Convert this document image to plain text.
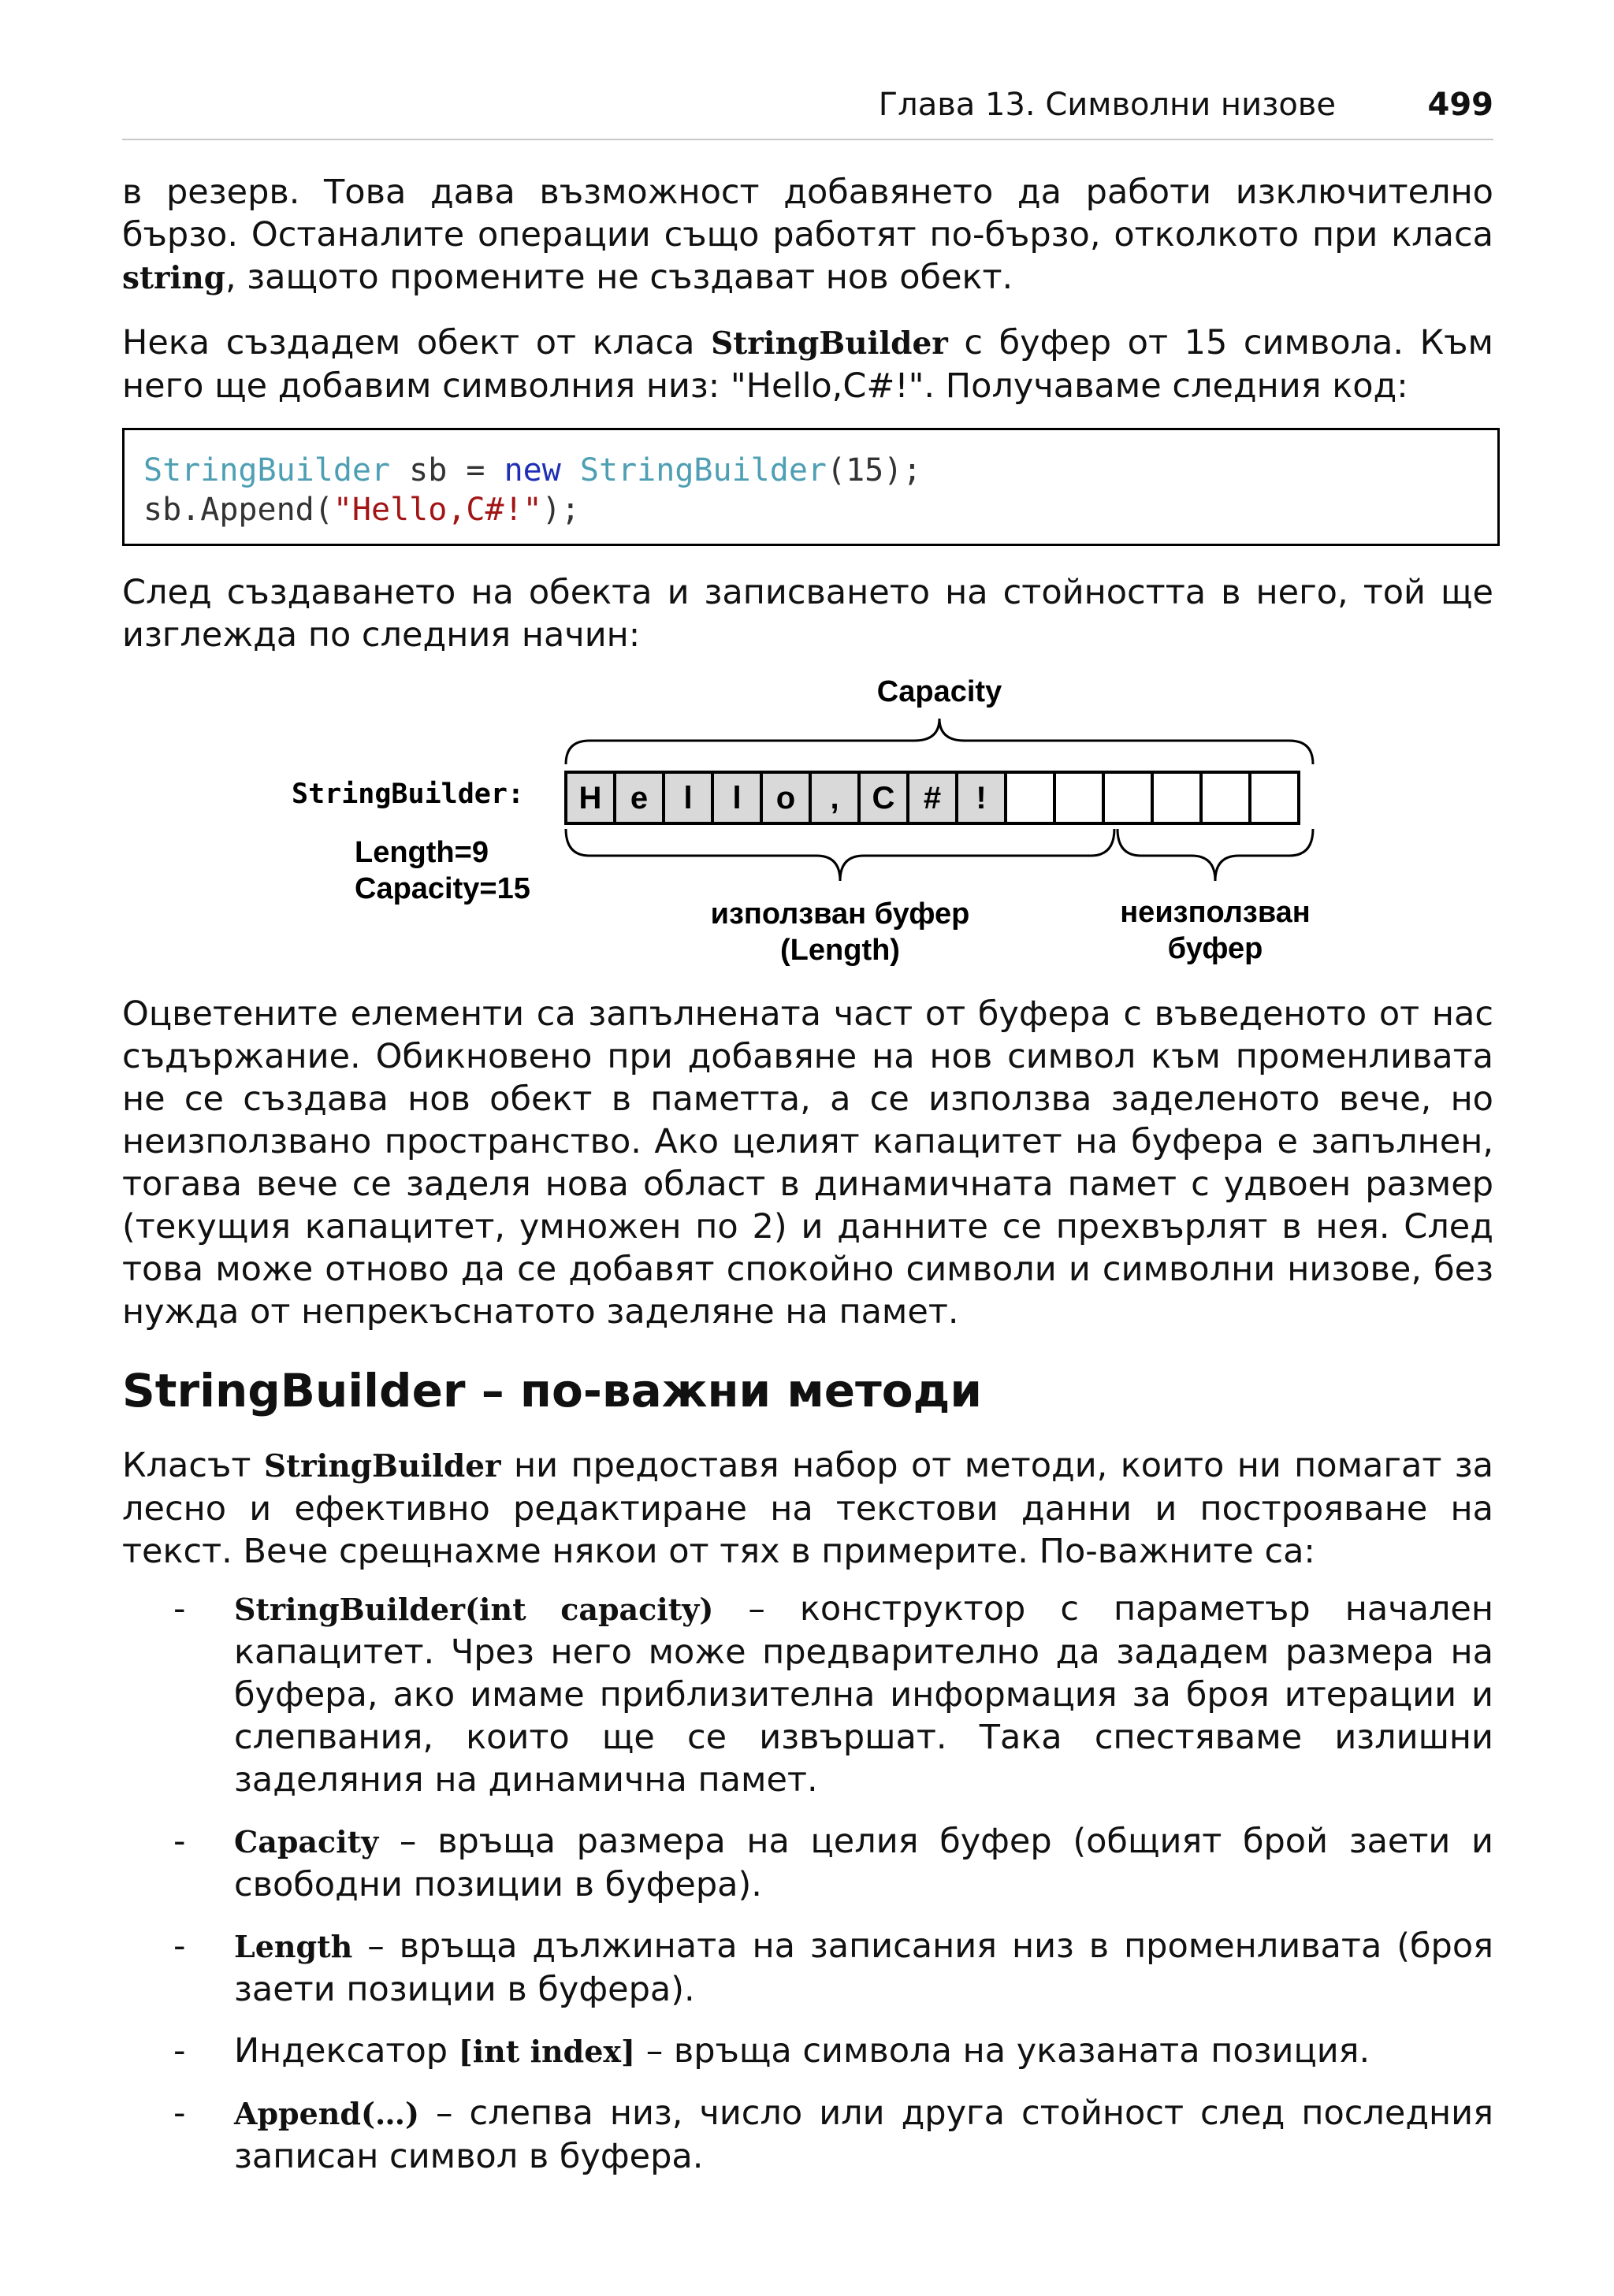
Глава 13. Символни низове	499

в резерв. Това дава възможност добавянето да работи изключително бързо. Останалите операции също работят по-бързо, отколкото при класа string, защото промените не създават нов обект.

Нека създадем обект от класа StringBuilder с буфер от 15 символа. Към него ще добавим символния низ: "Hello,C#!". Получаваме следния код:

StringBuilder sb = new StringBuilder(15);
sb.Append("Hello,C#!");

След създаването на обекта и записването на стойността в него, той ще изглежда по следния начин:

Capacity
StringBuilder: H e l l o , C # !
Length=9
Capacity=15
използван буфер
(Length)
неизползван
буфер

Оцветените елементи са запълнената част от буфера с въведеното от нас съдържание. Обикновено при добавяне на нов символ към променливата не се създава нов обект в паметта, а се използва заделеното вече, но неизползвано пространство. Ако целият капацитет на буфера е запълнен, тогава вече се заделя нова област в динамичната памет с удвоен размер (текущия капацитет, умножен по 2) и данните се прехвърлят в нея. След това може отново да се добавят спокойно символи и символни низове, без нужда от непрекъснатото заделяне на памет.

StringBuilder – по-важни методи

Класът StringBuilder ни предоставя набор от методи, които ни помагат за лесно и ефективно редактиране на текстови данни и построяване на текст. Вече срещнахме някои от тях в примерите. По-важните са:

- StringBuilder(int capacity) – конструктор с параметър начален капацитет. Чрез него може предварително да зададем размера на буфера, ако имаме приблизителна информация за броя итерации и слепвания, които ще се извършат. Така спестяваме излишни заделяния на динамична памет.
- Capacity – връща размера на целия буфер (общият брой заети и свободни позиции в буфера).
- Length – връща дължината на записания низ в променливата (броя заети позиции в буфера).
- Индексатор [int index] – връща символа на указаната позиция.
- Append(…) – слепва низ, число или друга стойност след последния записан символ в буфера.
